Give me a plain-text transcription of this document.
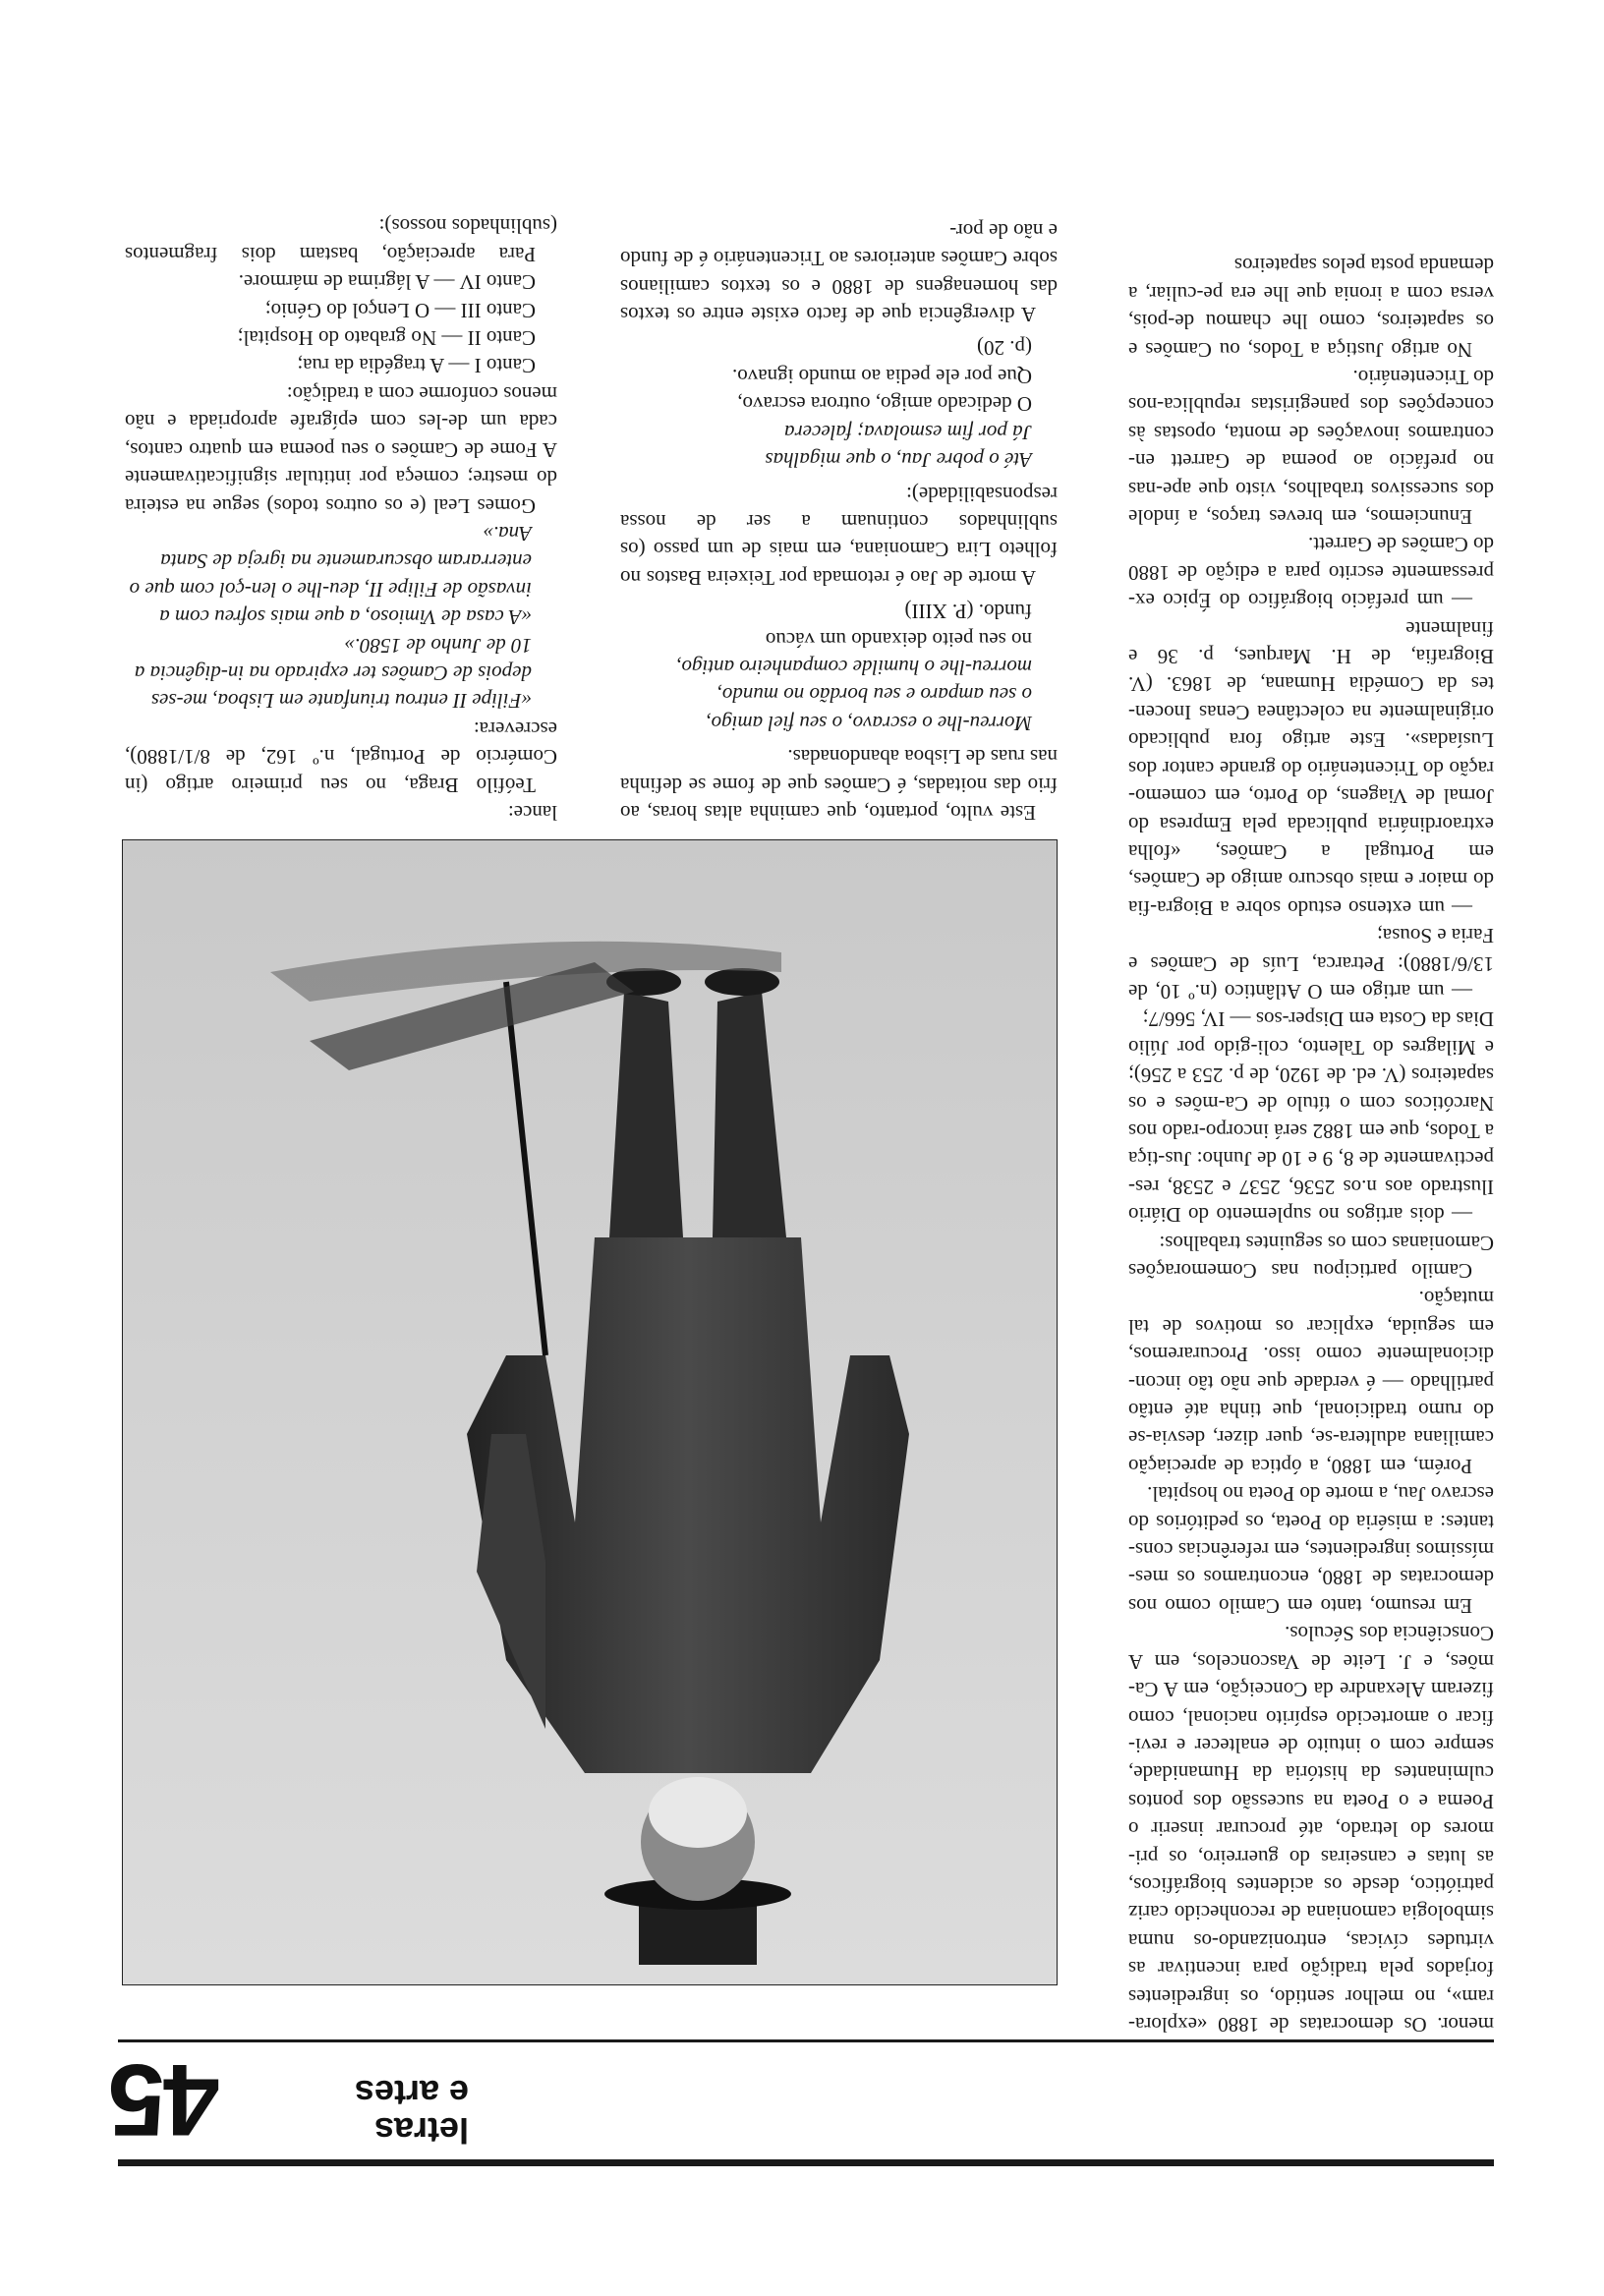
letras
e artes
45

menor. Os democratas de 1880 «explora-ram», no melhor sentido, os ingredientes forjados pela tradição para incentivar as virtudes cívicas, entronizando-os numa simbologia camoniana de reconhecido cariz patriótico, desde os acidentes biográficos, as lutas e canseiras do guerreiro, os pri-mores do letrado, até procurar inserir o Poema e o Poeta na sucessão dos pontos culminantes da história da Humanidade, sempre com o intuito de enaltecer e revi-ficar o amortecido espírito nacional, como fizeram Alexandre da Conceição, em A Ca-mões, e J. Leite de Vasconcelos, em A Consciência dos Séculos.

Em resumo, tanto em Camilo como nos democratas de 1880, encontramos os mes-míssimos ingredientes, em referências cons-tantes: a miséria do Poeta, os peditórios do escravo Jau, a morte do Poeta no hospital.

Porém, em 1880, a óptica de apreciação camiliana adultera-se, quer dizer, desvia-se do rumo tradicional, que tinha até então partilhado — é verdade que não tão incon-dicionalmente como isso. Procuraremos, em seguida, explicar os motivos de tal mutação.

Camilo participou nas Comemorações Camonianas com os seguintes trabalhos:

— dois artigos no suplemento do Diário Ilustrado aos n.os 2536, 2537 e 2538, res-pectivamente de 8, 9 e 10 de Junho: Jus-tiça a Todos, que em 1882 será incorpo-rado nos Narcóticos com o título de Ca-mões e os sapateiros (V. ed. de 1920, de p. 253 a 256); e Milagres do Talento, coli-gido por Júlio Dias da Costa em Disper-sos — IV, 566/7;

— um artigo em O Atlântico (n.º 10, de 13/6/1880): Petrarca, Luís de Camões e Faria e Sousa;

— um extenso estudo sobre a Biogra-fia do maior e mais obscuro amigo de Camões, em Portugal a Camões, «folha extraordinária publicada pela Empresa do Jornal de Viagens, do Porto, em comemo-ração do Tricentenário do grande cantor dos Lusíadas». Este artigo fora publicado originalmente na colectânea Cenas Inocen-tes da Comédia Humana, de 1863. (V. Biografia, de H. Marques, p. 36 e finalmente

— um prefácio biográfico do Épico ex-pressamente escrito para a edição de 1880 do Camões de Garrett.

Enunciemos, em breves traços, a índole dos sucessivos trabalhos, visto que ape-nas no prefácio ao poema de Garrett en-contramos inovações de monta, opostas às concepções dos panegiristas republica-nos do Tricentenário.

No artigo Justiça a Todos, ou Camões e os sapateiros, como lhe chamou de-pois, versa com a ironia que lhe era pe-culiar, a demanda posta pelos sapateiros

Este vulto, portanto, que caminha altas horas, ao frio das noitadas, é Camões que de fome se definha nas ruas de Lisboa abandonadas.

Morreu-lhe o escravo, o seu fiel amigo,

o seu amparo e seu bordão no mundo,

morreu-lhe o humilde companheiro antigo,

no seu peito deixando um vácuo

fundo. (P. XIII)

A morte de Jao é retomada por Teixeira Bastos no folheto Lira Camoniana, em mais de um passo (os sublinhados continuam a ser de nossa responsabilidade):

Até o pobre Jau, o que migalhas

Já por fim esmolava; falecera

O dedicado amigo, outrora escravo,

Que por ele pedia ao mundo ignavo.

(p. 20)

A divergência que de facto existe entre os textos das homenagens de 1880 e os textos camilianos sobre Camões anteriores ao Tricentenário é de fundo e não de por-

lance:

Teófilo Braga, no seu primeiro artigo (in Comércio de Portugal, n.º 162, de 8/1/1880), escrevera:

«Filipe II entrou triunfante em Lisboa, me-ses depois de Camões ter expirado na in-digência a 10 de Junho de 1580.»

«A casa de Vimioso, a que mais sofreu com a invasão de Filipe II, deu-lhe o len-çol com que o enterraram obscuramente na igreja de Santa Ana.»

Gomes Leal (e os outros todos) segue na esteira do mestre; começa por intitular significativamente A Fome de Camões o seu poema em quatro cantos, cada um de-les com epígrafe apropriada e não menos conforme com a tradição:

Canto I — A tragédia da rua;

Canto II — No grabato do Hospital;

Canto III — O Lençol do Génio;

Canto IV — A lágrima de mármore.

Para apreciação, bastam dois fragmentos (sublinhados nossos):
